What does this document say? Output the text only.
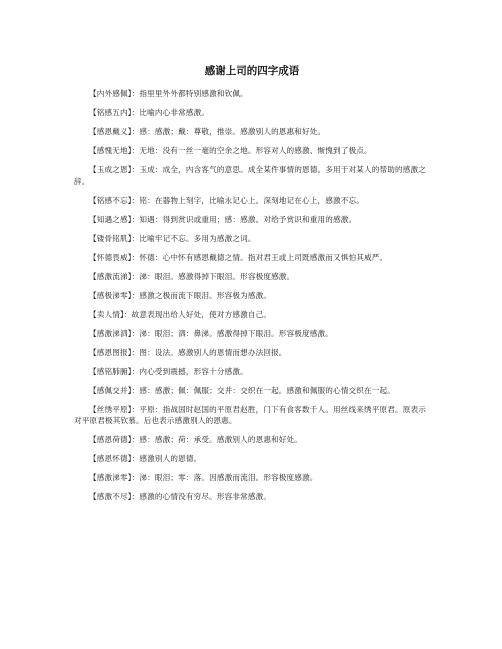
感谢上司的四字成语

【内外感佩】：指里里外外都特别感激和钦佩。

【铭感五内】：比喻内心非常感激。

【感恩戴义】：感：感激；戴：尊敬，推崇。感激别人的恩惠和好处。

【感愧无地】：无地：没有一丝一毫的空余之地。形容对人的感激、惭愧到了极点。

【玉成之恩】：玉成：成全，内含客气的意思。成全某件事情的恩德。多用于对某人的帮助的感激之辞。

【铭感不忘】：铭：在器物上刻字，比喻永记心上。深刻地记在心上，感激不忘。

【知遇之感】：知遇：得到赏识或重用；感：感激。对给予赏识和重用的感激。

【镂骨铭肌】：比喻牢记不忘。多用为感激之词。

【怀德畏威】：怀德：心中怀有感恩戴德之情。指对君王或上司既感激而又惧怕其威严。

【感激流涕】：涕：眼泪。感激得掉下眼泪。形容极度感激。

【感极涕零】：感激之极而流下眼泪。形容极为感激。

【卖人情】：故意表现出给人好处，使对方感激自己。

【感激涕泗】：涕：眼泪；泗：鼻涕。感激得掉下眼泪。形容极度感激。

【感恩图报】：图：设法。感激别人的恩情而想办法回报。

【感铭肺腑】：内心受到震撼，形容十分感激。

【感佩交并】：感：感激；佩：佩服；交并：交织在一起。感激和佩服的心情交织在一起。

【丝绣平原】：平原：指战国时赵国的平原君赵胜，门下有食客数千人。用丝线来绣平原君。原表示对平原君极其钦慕。后也表示感激别人的恩惠。

【感恩荷德】：感：感激；荷：承受。感激别人的恩惠和好处。

【感恩怀德】：感激别人的恩德。

【感激涕零】：涕：眼泪；零：落。因感激而流泪。形容极度感激。

【感激不尽】：感激的心情没有穷尽。形容非常感激。
